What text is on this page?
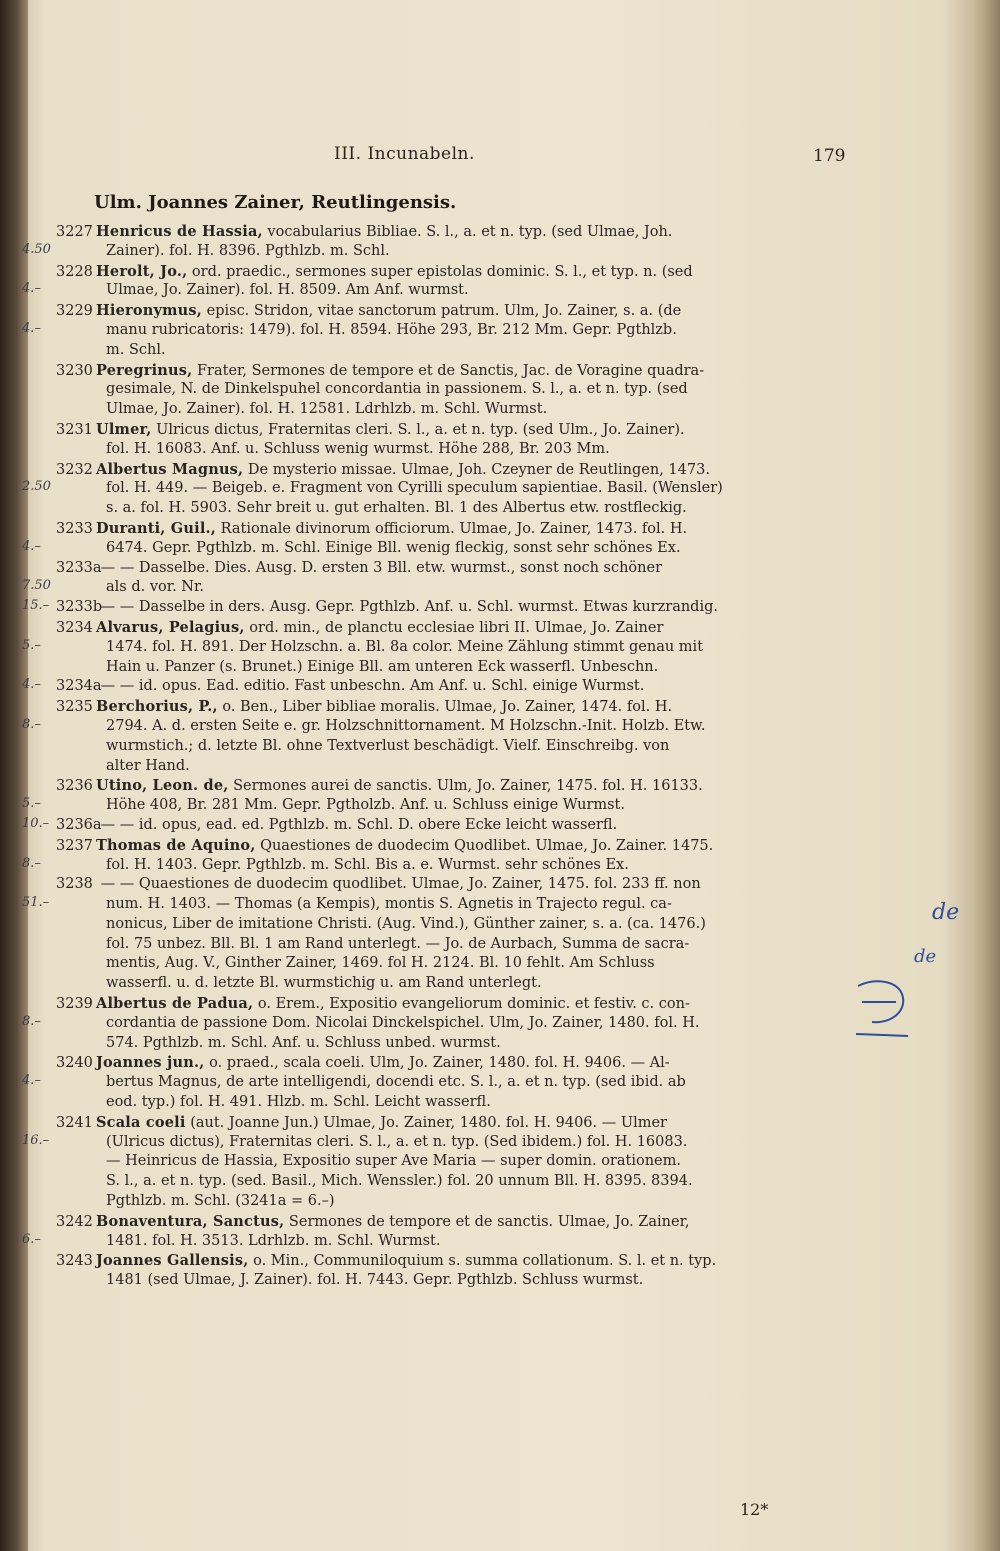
III. Incunabeln.	179
Ulm. Joannes Zainer, Reutlingensis.
3227 Henricus de Hassia, vocabularius Bibliae. S. l., a. et n. typ. (sed Ulmae, Joh.
Zainer). fol. H. 8396. Pgthlzb. m. Schl.
4.50
3228 Herolt, Jo., ord. praedic., sermones super epistolas dominic. S. l., et typ. n. (sed
Ulmae, Jo. Zainer). fol. H. 8509. Am Anf. wurmst.
4.–
3229 Hieronymus, episc. Stridon, vitae sanctorum patrum. Ulm, Jo. Zainer, s. a. (de
manu rubricatoris: 1479). fol. H. 8594. Höhe 293, Br. 212 Mm. Gepr. Pgthlzb.
m. Schl.
4.–
3230 Peregrinus, Frater, Sermones de tempore et de Sanctis, Jac. de Voragine quadra-
gesimale, N. de Dinkelspuhel concordantia in passionem. S. l., a. et n. typ. (sed
Ulmae, Jo. Zainer). fol. H. 12581. Ldrhlzb. m. Schl. Wurmst.
3231 Ulmer, Ulricus dictus, Fraternitas cleri. S. l., a. et n. typ. (sed Ulm., Jo. Zainer).
fol. H. 16083. Anf. u. Schluss wenig wurmst. Höhe 288, Br. 203 Mm.
3232 Albertus Magnus, De mysterio missae. Ulmae, Joh. Czeyner de Reutlingen, 1473.
fol. H. 449. — Beigeb. e. Fragment von Cyrilli speculum sapientiae. Basil. (Wensler)
s. a. fol. H. 5903. Sehr breit u. gut erhalten. Bl. 1 des Albertus etw. rostfleckig.
2.50
3233 Duranti, Guil., Rationale divinorum officiorum. Ulmae, Jo. Zainer, 1473. fol. H.
6474. Gepr. Pgthlzb. m. Schl. Einige Bll. wenig fleckig, sonst sehr schönes Ex.
4.–
3233a — — Dasselbe. Dies. Ausg. D. ersten 3 Bll. etw. wurmst., sonst noch schöner
als d. vor. Nr.
7.50
3233b — — Dasselbe in ders. Ausg. Gepr. Pgthlzb. Anf. u. Schl. wurmst. Etwas kurzrandig.
15.–
3234 Alvarus, Pelagius, ord. min., de planctu ecclesiae libri II. Ulmae, Jo. Zainer
1474. fol. H. 891. Der Holzschn. a. Bl. 8a color. Meine Zählung stimmt genau mit
Hain u. Panzer (s. Brunet.) Einige Bll. am unteren Eck wasserfl. Unbeschn.
5.–
3234a — — id. opus. Ead. editio. Fast unbeschn. Am Anf. u. Schl. einige Wurmst.
4.–
3235 Berchorius, P., o. Ben., Liber bibliae moralis. Ulmae, Jo. Zainer, 1474. fol. H.
2794. A. d. ersten Seite e. gr. Holzschnittornament. M Holzschn.-Init. Holzb. Etw.
wurmstich.; d. letzte Bl. ohne Textverlust beschädigt. Vielf. Einschreibg. von
alter Hand.
8.–
3236 Utino, Leon. de, Sermones aurei de sanctis. Ulm, Jo. Zainer, 1475. fol. H. 16133.
Höhe 408, Br. 281 Mm. Gepr. Pgtholzb. Anf. u. Schluss einige Wurmst.
5.–
3236a — — id. opus, ead. ed. Pgthlzb. m. Schl. D. obere Ecke leicht wasserfl.
10.–
3237 Thomas de Aquino, Quaestiones de duodecim Quodlibet. Ulmae, Jo. Zainer. 1475.
fol. H. 1403. Gepr. Pgthlzb. m. Schl. Bis a. e. Wurmst. sehr schönes Ex.
8.–
3238 — — Quaestiones de duodecim quodlibet. Ulmae, Jo. Zainer, 1475. fol. 233 ff. non
num. H. 1403. — Thomas (a Kempis), montis S. Agnetis in Trajecto regul. ca-
nonicus, Liber de imitatione Christi. (Aug. Vind.), Günther zainer, s. a. (ca. 1476.)
fol. 75 unbez. Bll. Bl. 1 am Rand unterlegt. — Jo. de Aurbach, Summa de sacra-
mentis, Aug. V., Ginther Zainer, 1469. fol H. 2124. Bl. 10 fehlt. Am Schluss
wasserfl. u. d. letzte Bl. wurmstichig u. am Rand unterlegt.
51.–
3239 Albertus de Padua, o. Erem., Expositio evangeliorum dominic. et festiv. c. con-
cordantia de passione Dom. Nicolai Dinckelspichel. Ulm, Jo. Zainer, 1480. fol. H.
574. Pgthlzb. m. Schl. Anf. u. Schluss unbed. wurmst.
8.–
3240 Joannes jun., o. praed., scala coeli. Ulm, Jo. Zainer, 1480. fol. H. 9406. — Al-
bertus Magnus, de arte intelligendi, docendi etc. S. l., a. et n. typ. (sed ibid. ab
eod. typ.) fol. H. 491. Hlzb. m. Schl. Leicht wasserfl.
4.–
3241 Scala coeli (aut. Joanne Jun.) Ulmae, Jo. Zainer, 1480. fol. H. 9406. — Ulmer
(Ulricus dictus), Fraternitas cleri. S. l., a. et n. typ. (Sed ibidem.) fol. H. 16083.
— Heinricus de Hassia, Expositio super Ave Maria — super domin. orationem.
S. l., a. et n. typ. (sed. Basil., Mich. Wenssler.) fol. 20 unnum Bll. H. 8395. 8394.
Pgthlzb. m. Schl. (3241a = 6.–)
16.–
3242 Bonaventura, Sanctus, Sermones de tempore et de sanctis. Ulmae, Jo. Zainer,
1481. fol. H. 3513. Ldrhlzb. m. Schl. Wurmst.
6.–
3243 Joannes Gallensis, o. Min., Communiloquium s. summa collationum. S. l. et n. typ.
1481 (sed Ulmae, J. Zainer). fol. H. 7443. Gepr. Pgthlzb. Schluss wurmst.
12*
de
de
